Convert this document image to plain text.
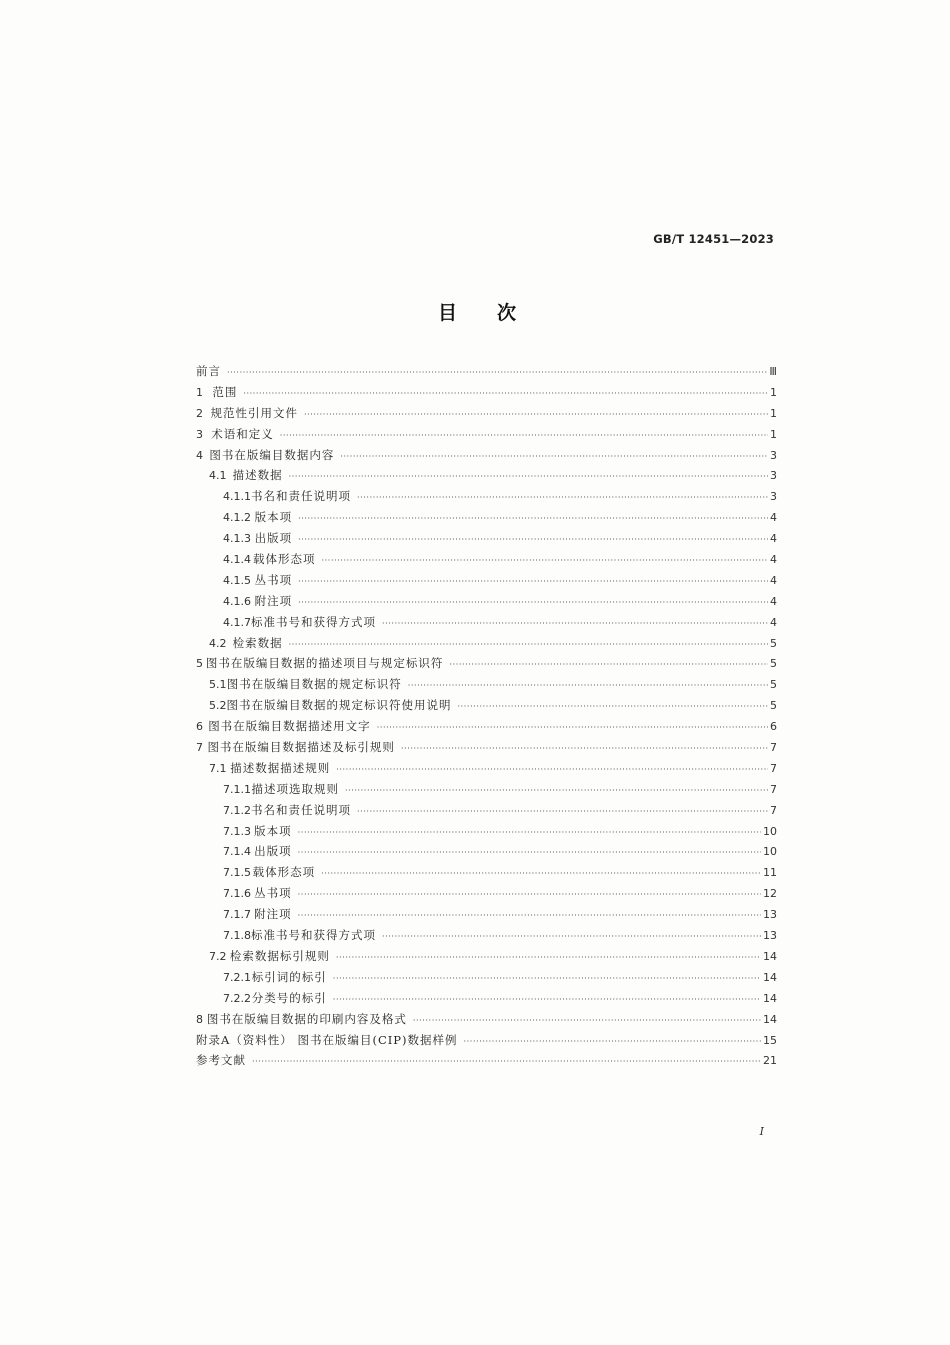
GB/T 12451—2023
目次
前言 ·····	Ⅲ
1 范围 ·····	1
2 规范性引用文件 ·····	1
3 术语和定义 ·····	1
4 图书在版编目数据内容 ·····	3
4.1 描述数据 ·····	3
4.1.1 书名和责任说明项 ·····	3
4.1.2 版本项 ·····	4
4.1.3 出版项 ·····	4
4.1.4 载体形态项 ·····	4
4.1.5 丛书项 ·····	4
4.1.6 附注项 ·····	4
4.1.7 标准书号和获得方式项 ·····	4
4.2 检索数据 ·····	5
5 图书在版编目数据的描述项目与规定标识符 ·····	5
5.1 图书在版编目数据的规定标识符 ·····	5
5.2 图书在版编目数据的规定标识符使用说明 ·····	5
6 图书在版编目数据描述用文字 ·····	6
7 图书在版编目数据描述及标引规则 ·····	7
7.1 描述数据描述规则 ·····	7
7.1.1 描述项选取规则 ·····	7
7.1.2 书名和责任说明项 ·····	7
7.1.3 版本项 ·····	10
7.1.4 出版项 ·····	10
7.1.5 载体形态项 ·····	11
7.1.6 丛书项 ·····	12
7.1.7 附注项 ·····	13
7.1.8 标准书号和获得方式项 ·····	13
7.2 检索数据标引规则 ·····	14
7.2.1 标引词的标引 ·····	14
7.2.2 分类号的标引 ·····	14
8 图书在版编目数据的印刷内容及格式 ·····	14
附录A（资料性） 图书在版编目(CIP)数据样例 ·····	15
参考文献 ·····	21
I
